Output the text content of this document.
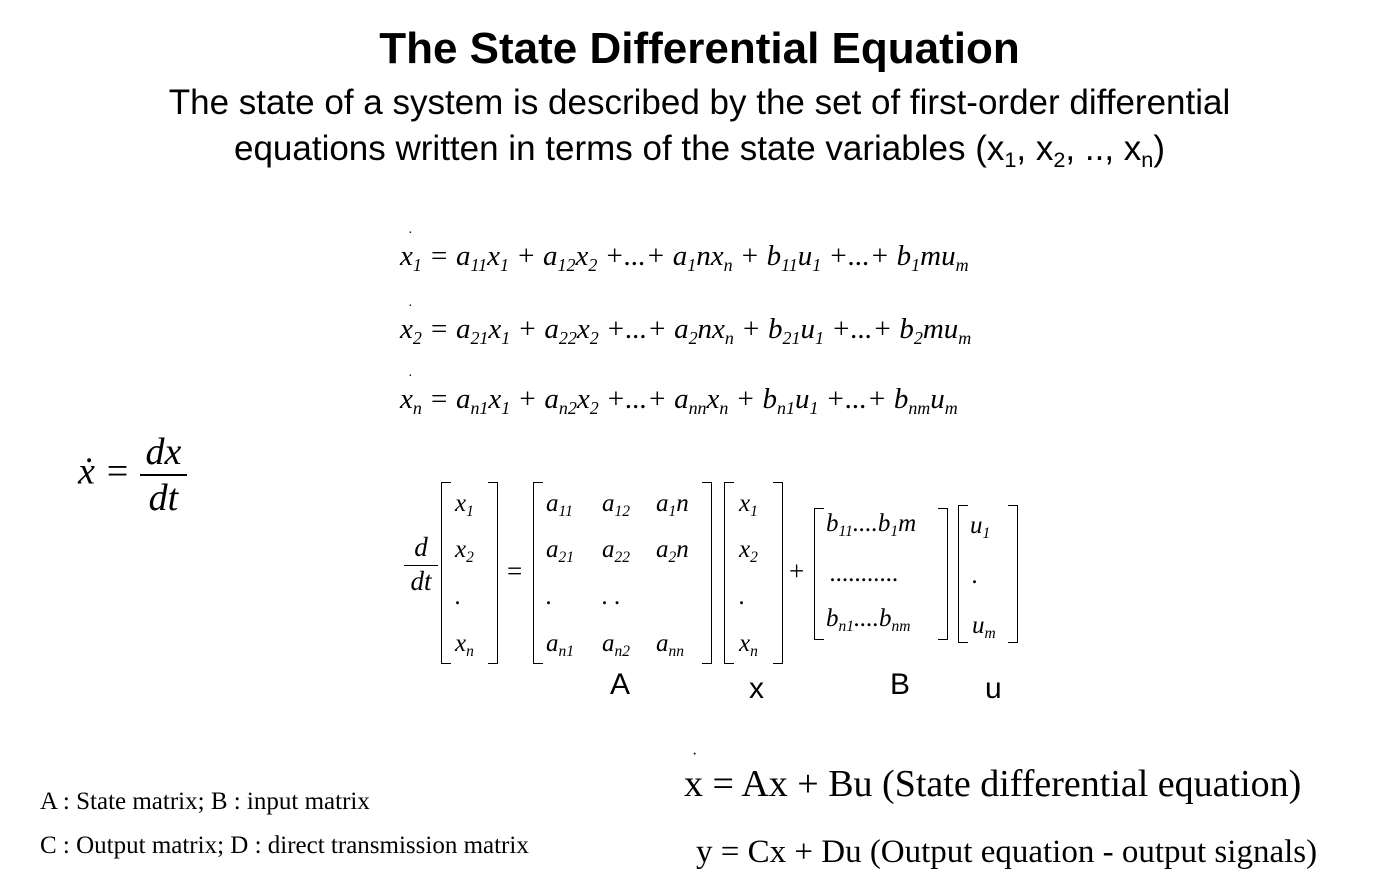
The State Differential Equation
The state of a system is described by the set of first-order differential
equations written in terms of the state variables ($x_1$, $x_2$, .., $x_n$)
·
$x_1 = a_{11}x_1 + a_{12}x_2$ +...+ $a_1nx_n + b_{11}u_1$ +...+ $b_1mu_m$
·
$x_2 = a_{21}x_1 + a_{22}x_2$ +...+ $a_2nx_n + b_{21}u_1$ +...+ $b_2mu_m$
·
$x_n = a_{n1}x_1 + a_{n2}x_2$ +...+ $a_{nn}x_n + b_{n1}u_1$ +...+ $b_{nm}u_m$
ẋ = $\frac{dx}{dt}$
d
dt
$x_1$
$x_2$
.
$x_n$
=
$a_{11}$ $a_{12}$ $a_1n$
$a_{21}$ $a_{22}$ $a_2n$
. . .
$a_{n1}$ $a_{n2}$ $a_{nn}$
$x_1$
$x_2$
.
$x_n$
+
$b_{11}....b_1m$
...........
$b_{n1}....b_{nm}$
$u_1$
.
$u_m$
A	x	B u
A : State matrix; B : input matrix
C : Output matrix; D : direct transmission matrix
·
x = Ax + Bu (State differential equation)
y = Cx + Du (Output equation - output signals)
